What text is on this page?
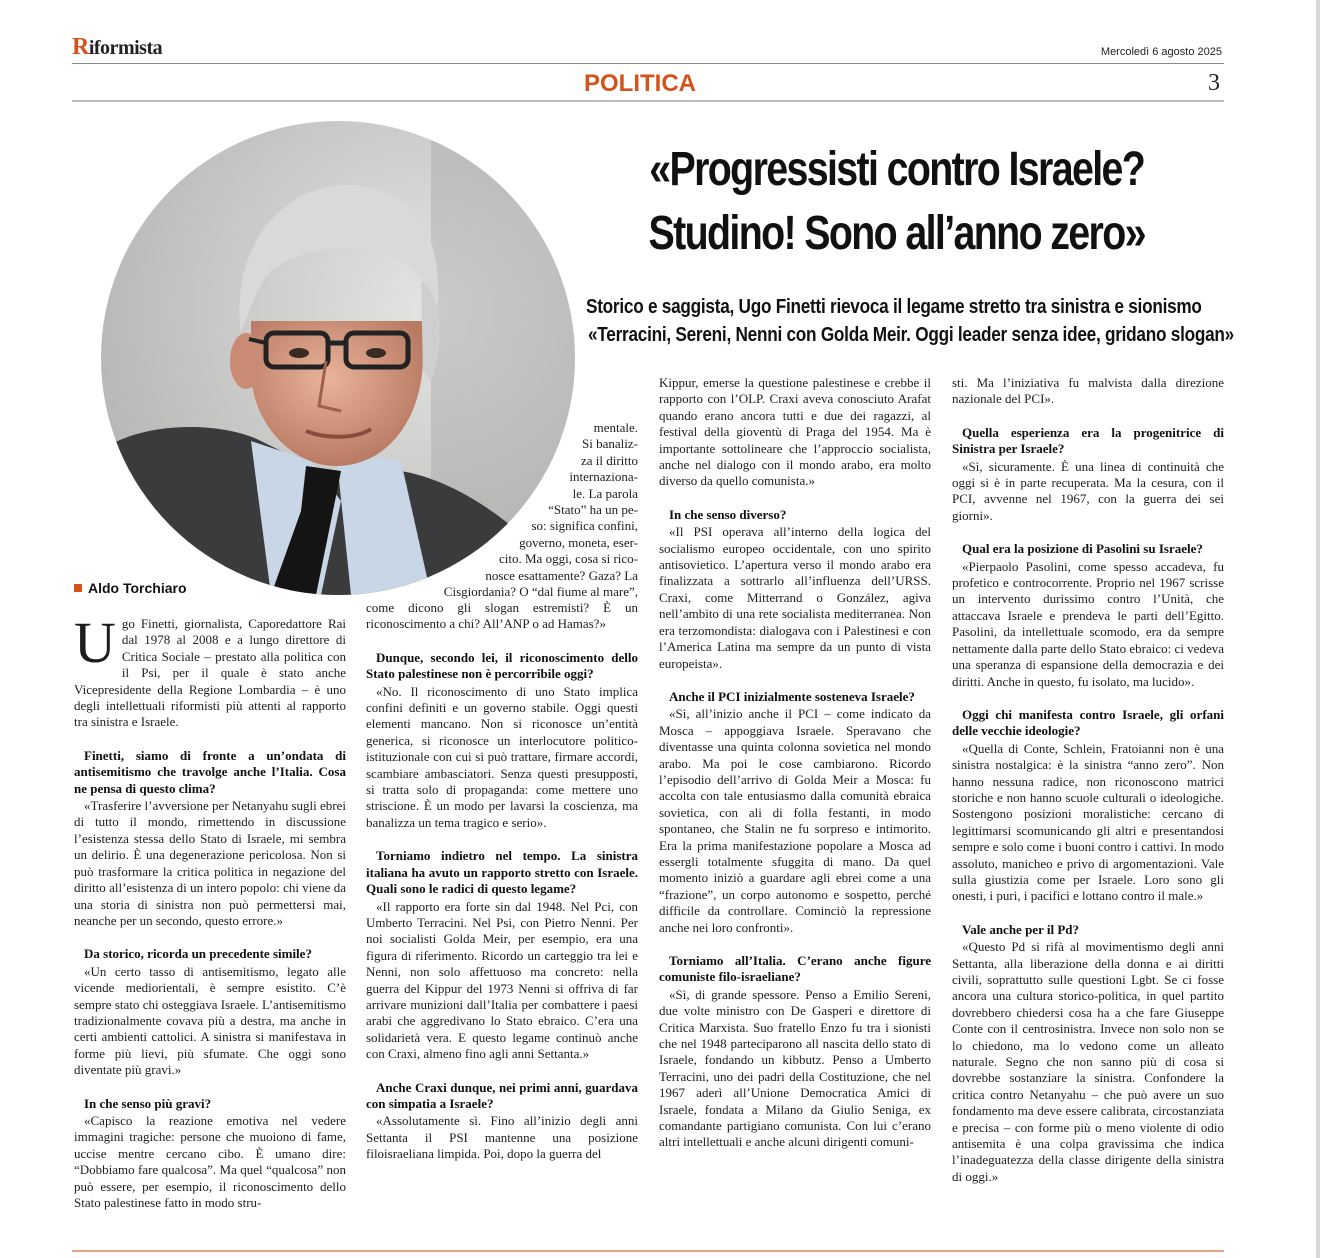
Riformista	Mercoledì 6 agosto 2025
POLITICA	3
«Progressisti contro Israele?
Studino! Sono all’anno zero»
Storico e saggista, Ugo Finetti rievoca il legame stretto tra sinistra e sionismo
«Terracini, Sereni, Nenni con Golda Meir. Oggi leader senza idee, gridano slogan»
Aldo Torchiaro

Ugo Finetti, giornalista, Caporedattore Rai dal 1978 al 2008 e a lungo direttore di Critica Sociale – prestato alla politica con il Psi, per il quale è stato anche Vicepresidente della Regione Lombardia – è uno degli intellettuali riformisti più attenti al rapporto tra sinistra e Israele.

Finetti, siamo di fronte a un’ondata di antisemitismo che travolge anche l’Italia. Cosa ne pensa di questo clima?

«Trasferire l’avversione per Netanyahu sugli ebrei di tutto il mondo, rimettendo in discussione l’esistenza stessa dello Stato di Israele, mi sembra un delirio. È una degenerazione pericolosa. Non si può trasformare la critica politica in negazione del diritto all’esistenza di un intero popolo: chi viene da una storia di sinistra non può permettersi mai, neanche per un secondo, questo errore.»

Da storico, ricorda un precedente simile?

«Un certo tasso di antisemitismo, legato alle vicende mediorientali, è sempre esistito. C’è sempre stato chi osteggiava Israele. L’antisemitismo tradizionalmente covava più a destra, ma anche in certi ambienti cattolici. A sinistra si manifestava in forme più lievi, più sfumate. Che oggi sono diventate più gravi.»

In che senso più gravi?

«Capisco la reazione emotiva nel vedere immagini tragiche: persone che muoiono di fame, uccise mentre cercano cibo. È umano dire: “Dobbiamo fare qualcosa”. Ma quel “qualcosa” non può essere, per esempio, il riconoscimento dello Stato palestinese fatto in modo stru-

mentale.
Si banaliz-
za il diritto
internaziona-
le. La parola
“Stato” ha un pe-
so: significa confini,
governo, moneta, eser-
cito. Ma oggi, cosa si rico-
nosce esattamente? Gaza? La
Cisgiordania? O “dal fiume al mare”,

come dicono gli slogan estremisti? È un riconoscimento a chi? All’ANP o ad Hamas?»

Dunque, secondo lei, il riconoscimento dello Stato palestinese non è percorribile oggi?

«No. Il riconoscimento di uno Stato implica confini definiti e un governo stabile. Oggi questi elementi mancano. Non si riconosce un’entità generica, si riconosce un interlocutore politico-istituzionale con cui si può trattare, firmare accordi, scambiare ambasciatori. Senza questi presupposti, si tratta solo di propaganda: come mettere uno striscione. È un modo per lavarsi la coscienza, ma banalizza un tema tragico e serio».

Torniamo indietro nel tempo. La sinistra italiana ha avuto un rapporto stretto con Israele. Quali sono le radici di questo legame?

«Il rapporto era forte sin dal 1948. Nel Pci, con Umberto Terracini. Nel Psi, con Pietro Nenni. Per noi socialisti Golda Meir, per esempio, era una figura di riferimento. Ricordo un carteggio tra lei e Nenni, non solo affettuoso ma concreto: nella guerra del Kippur del 1973 Nenni si offriva di far arrivare munizioni dall’Italia per combattere i paesi arabi che aggredivano lo Stato ebraico. C’era una solidarietà vera. E questo legame continuò anche con Craxi, almeno fino agli anni Settanta.»

Anche Craxi dunque, nei primi anni, guardava con simpatia a Israele?

«Assolutamente sì. Fino all’inizio degli anni Settanta il PSI mantenne una posizione filoisraeliana limpida. Poi, dopo la guerra del

Kippur, emerse la questione palestinese e crebbe il rapporto con l’OLP. Craxi aveva conosciuto Arafat quando erano ancora tutti e due dei ragazzi, al festival della gioventù di Praga del 1954. Ma è importante sottolineare che l’approccio socialista, anche nel dialogo con il mondo arabo, era molto diverso da quello comunista.»

In che senso diverso?

«Il PSI operava all’interno della logica del socialismo europeo occidentale, con uno spirito antisovietico. L’apertura verso il mondo arabo era finalizzata a sottrarlo all’influenza dell’URSS. Craxi, come Mitterrand o González, agiva nell’ambito di una rete socialista mediterranea. Non era terzomondista: dialogava con i Palestinesi e con l’America Latina ma sempre da un punto di vista europeista».

Anche il PCI inizialmente sosteneva Israele?

«Sì, all’inizio anche il PCI – come indicato da Mosca – appoggiava Israele. Speravano che diventasse una quinta colonna sovietica nel mondo arabo. Ma poi le cose cambiarono. Ricordo l’episodio dell’arrivo di Golda Meir a Mosca: fu accolta con tale entusiasmo dalla comunità ebraica sovietica, con ali di folla festanti, in modo spontaneo, che Stalin ne fu sorpreso e intimorito. Era la prima manifestazione popolare a Mosca ad essergli totalmente sfuggita di mano. Da quel momento iniziò a guardare agli ebrei come a una “frazione”, un corpo autonomo e sospetto, perché difficile da controllare. Cominciò la repressione anche nei loro confronti».

Torniamo all’Italia. C’erano anche figure comuniste filo-israeliane?

«Sì, di grande spessore. Penso a Emilio Sereni, due volte ministro con De Gasperi e direttore di Critica Marxista. Suo fratello Enzo fu tra i sionisti che nel 1948 parteciparono all nascita dello stato di Israele, fondando un kibbutz. Penso a Umberto Terracini, uno dei padri della Costituzione, che nel 1967 aderì all’Unione Democratica Amici di Israele, fondata a Milano da Giulio Seniga, ex comandante partigiano comunista. Con lui c’erano altri intellettuali e anche alcuni dirigenti comuni-

sti. Ma l’iniziativa fu malvista dalla direzione nazionale del PCI».

Quella esperienza era la progenitrice di Sinistra per Israele?

«Sì, sicuramente. È una linea di continuità che oggi si è in parte recuperata. Ma la cesura, con il PCI, avvenne nel 1967, con la guerra dei sei giorni».

Qual era la posizione di Pasolini su Israele?

«Pierpaolo Pasolini, come spesso accadeva, fu profetico e controcorrente. Proprio nel 1967 scrisse un intervento durissimo contro l’Unità, che attaccava Israele e prendeva le parti dell’Egitto. Pasolini, da intellettuale scomodo, era da sempre nettamente dalla parte dello Stato ebraico: ci vedeva una speranza di espansione della democrazia e dei diritti. Anche in questo, fu isolato, ma lucido».

Oggi chi manifesta contro Israele, gli orfani delle vecchie ideologie?

«Quella di Conte, Schlein, Fratoianni non è una sinistra nostalgica: è la sinistra “anno zero”. Non hanno nessuna radice, non riconoscono matrici storiche e non hanno scuole culturali o ideologiche. Sostengono posizioni moralistiche: cercano di legittimarsi scomunicando gli altri e presentandosi sempre e solo come i buoni contro i cattivi. In modo assoluto, manicheo e privo di argomentazioni. Vale sulla giustizia come per Israele. Loro sono gli onesti, i puri, i pacifici e lottano contro il male.»

Vale anche per il Pd?

«Questo Pd si rifà al movimentismo degli anni Settanta, alla liberazione della donna e ai diritti civili, soprattutto sulle questioni Lgbt. Se ci fosse ancora una cultura storico-politica, in quel partito dovrebbero chiedersi cosa ha a che fare Giuseppe Conte con il centrosinistra. Invece non solo non se lo chiedono, ma lo vedono come un alleato naturale. Segno che non sanno più di cosa si dovrebbe sostanziare la sinistra. Confondere la critica contro Netanyahu – che può avere un suo fondamento ma deve essere calibrata, circostanziata e precisa – con forme più o meno violente di odio antisemita è una colpa gravissima che indica l’inadeguatezza della classe dirigente della sinistra di oggi.»
